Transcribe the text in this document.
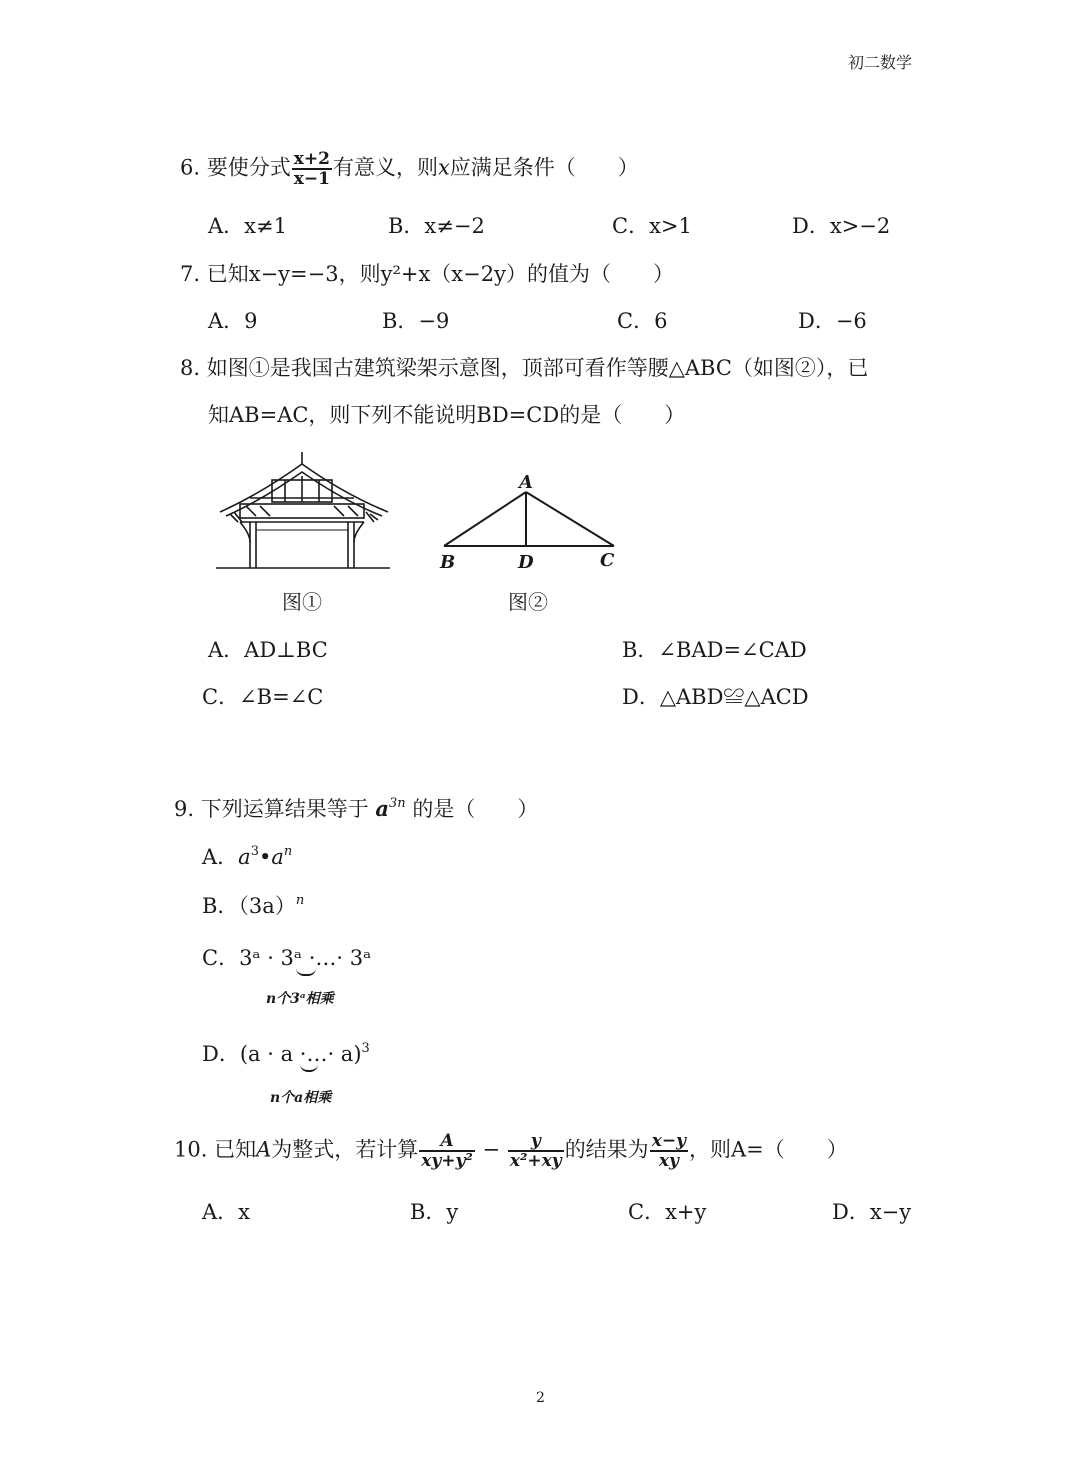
初二数学
6. 要使分式 $\frac{x+2}{x-1}$ 有意义，则x应满足条件（　　）
A．x≠1	B．x≠−2	C．x>1	D．x>−2
7. 已知x−y=−3，则y²+x（x−2y）的值为（　　）
A．9	B．−9	C．6	D．−6
8. 如图①是我国古建筑梁架示意图，顶部可看作等腰△ABC（如图②），已
知AB=AC，则下列不能说明BD=CD的是（　　）
图①
A
B	D	C
图②
A．AD⊥BC	B．∠BAD=∠CAD
C．∠B=∠C	D．△ABD≌△ACD
9. 下列运算结果等于 $a^{3n}$ 的是（　　）
A．$a^3•a^n$
B．$(3a)^n$
C．3ᵃ · 3ᵃ ·…· 3ᵃ
n个3ᵃ相乘
D．(a · a ·…· a)$^3$
n个a相乘
10. 已知A为整式，若计算 $\frac{A}{\text{xy+y²}} - \frac{y}{\text{x²+xy}}$ 的结果为 $\frac{x-y}{xy}$ ，则A=（　　）
A．x	B．y	C．x+y	D．x−y
2
